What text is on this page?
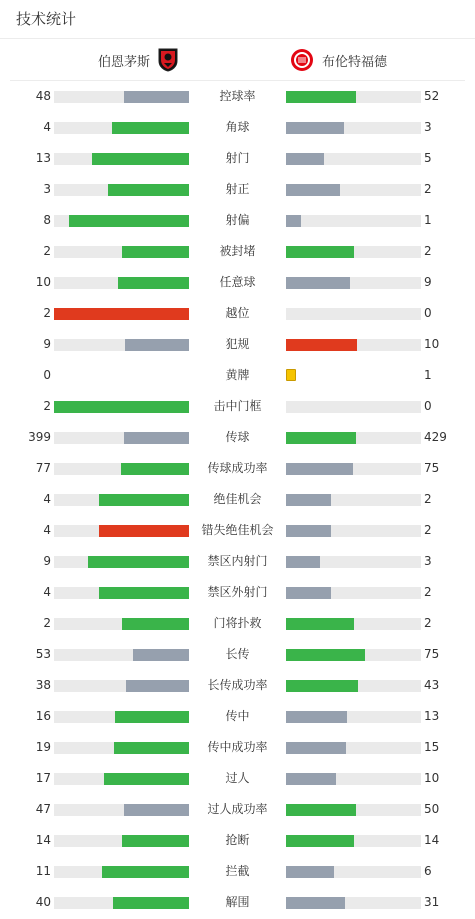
技术统计
伯恩茅斯	布伦特福德
48	控球率	52
4	角球	3
13	射门	5
3	射正	2
8	射偏	1
2	被封堵	2
10	任意球	9
2	越位	0
9	犯规	10
0	黄牌	1
2	击中门框	0
399	传球	429
77	传球成功率	75
4	绝佳机会	2
4	错失绝佳机会	2
9	禁区内射门	3
4	禁区外射门	2
2	门将扑救	2
53	长传	75
38	长传成功率	43
16	传中	13
19	传中成功率	15
17	过人	10
47	过人成功率	50
14	抢断	14
11	拦截	6
40	解围	31
